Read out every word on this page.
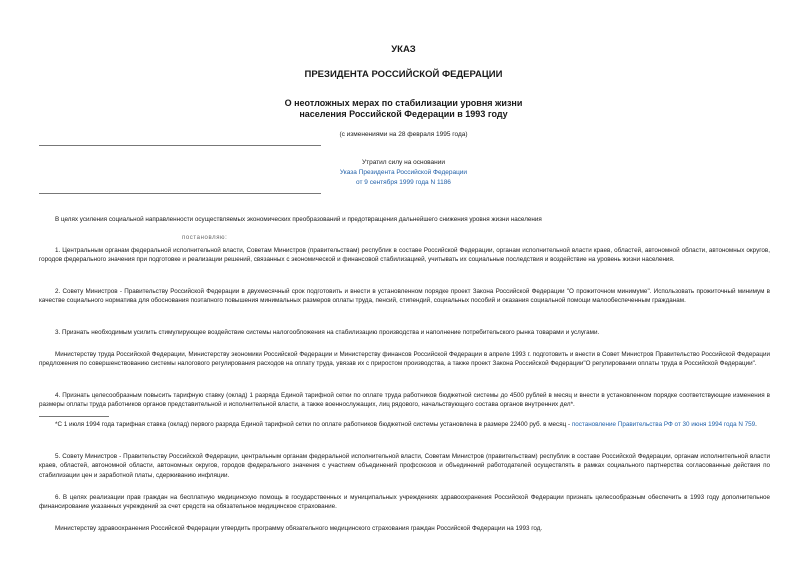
УКАЗ
ПРЕЗИДЕНТА РОССИЙСКОЙ ФЕДЕРАЦИИ
О неотложных мерах по стабилизации уровня жизни
населения Российской Федерации в 1993 году
(с изменениями на 28 февраля 1995 года)
Утратил силу на основании
Указа Президента Российской Федерации
от 9 сентября 1999 года N 1186
В целях усиления социальной направленности осуществляемых экономических преобразований и предотвращения дальнейшего снижения уровня жизни населения
постановляю:
1. Центральным органам федеральной исполнительной власти, Советам Министров (правительствам) республик в составе Российской Федерации, органам исполнительной власти краев, областей, автономной области, автономных округов, городов федерального значения при подготовке и реализации решений, связанных с экономической и финансовой стабилизацией, учитывать их социальные последствия и воздействие на уровень жизни населения.
2. Совету Министров - Правительству Российской Федерации в двухмесячный срок подготовить и внести в установленном порядке проект Закона Российской Федерации "О прожиточном минимуме". Использовать прожиточный минимум в качестве социального норматива для обоснования поэтапного повышения минимальных размеров оплаты труда, пенсий, стипендий, социальных пособий и оказания социальной помощи малообеспеченным гражданам.
3. Признать необходимым усилить стимулирующее воздействие системы налогообложения на стабилизацию производства и наполнение потребительского рынка товарами и услугами.
Министерству труда Российской Федерации, Министерству экономики Российской Федерации и Министерству финансов Российской Федерации в апреле 1993 г. подготовить и внести в Совет Министров Правительство Российской Федерации предложения по совершенствованию системы налогового регулирования расходов на оплату труда, увязав их с приростом производства, а также проект Закона Российской Федерации"О регулировании оплаты труда в Российской Федерации".
4. Признать целесообразным повысить тарифную ставку (оклад) 1 разряда Единой тарифной сетки по оплате труда работников бюджетной системы до 4500 рублей в месяц и внести в установленном порядке соответствующие изменения в размеры оплаты труда работников органов представительной и исполнительной власти, а также военнослужащих, лиц рядового, начальствующего состава органов внутренних дел*.
*С 1 июля 1994 года тарифная ставка (оклад) первого разряда Единой тарифной сетки по оплате работников бюджетной системы установлена в размере 22400 руб. в месяц - постановление Правительства РФ от 30 июня 1994 года N 759.
5. Совету Министров - Правительству Российской Федерации, центральным органам федеральной исполнительной власти, Советам Министров (правительствам) республик в составе Российской Федерации, органам исполнительной власти краев, областей, автономной области, автономных округов, городов федерального значения с участием объединений профсоюзов и объединений работодателей осуществлять в рамках социального партнерства согласованные действия по стабилизации цен и заработной платы, сдерживанию инфляции.
6. В целях реализации прав граждан на бесплатную медицинскую помощь в государственных и муниципальных учреждениях здравоохранения Российской Федерации признать целесообразным обеспечить в 1993 году дополнительное финансирование указанных учреждений за счет средств на обязательное медицинское страхование.
Министерству здравоохранения Российской Федерации утвердить программу обязательного медицинского страхования граждан Российской Федерации на 1993 год.
